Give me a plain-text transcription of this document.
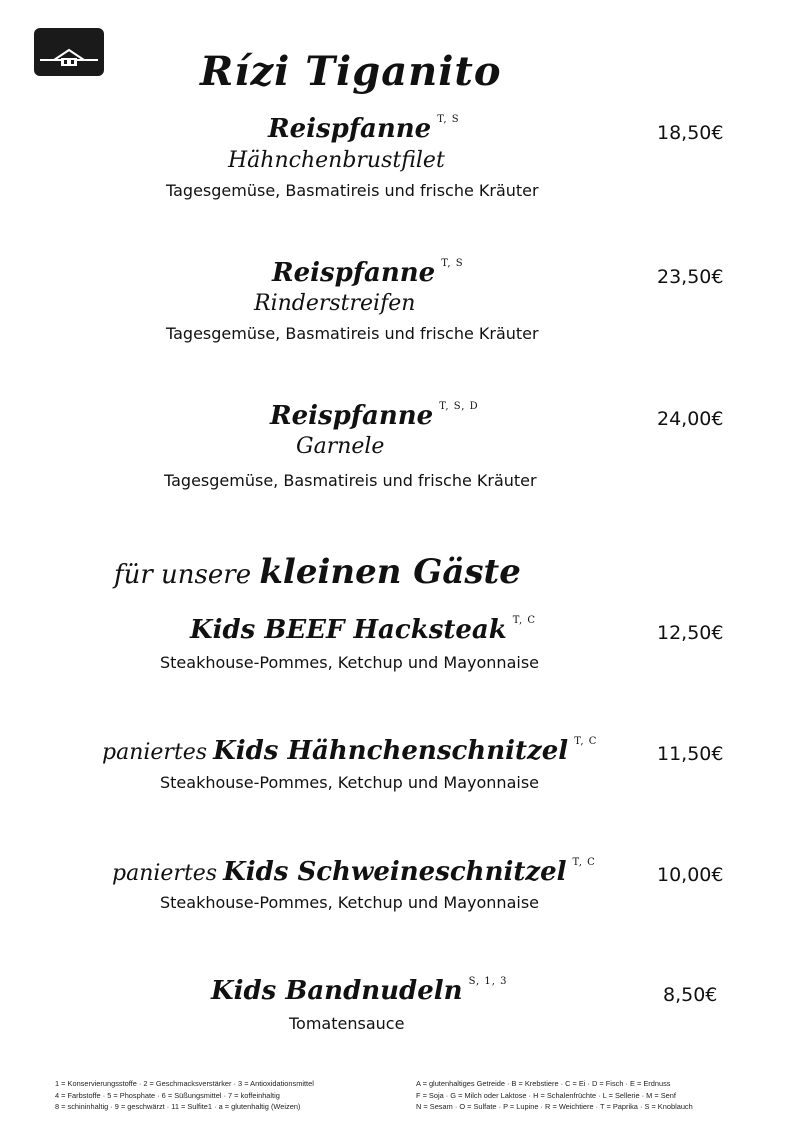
Rízi Tiganito
Reispfanne $^{T, S}$
Hähnchenbrustfilet
Tagesgemüse, Basmatireis und frische Kräuter
18,50€
Reispfanne $^{T, S}$
Rinderstreifen
Tagesgemüse, Basmatireis und frische Kräuter
23,50€
Reispfanne $^{T, S, D}$
Garnele
Tagesgemüse, Basmatireis und frische Kräuter
24,00€
für unsere kleinen Gäste
Kids BEEF Hacksteak $^{T, C}$
Steakhouse-Pommes, Ketchup und Mayonnaise
12,50€
paniertes Kids Hähnchenschnitzel $^{T, C}$
Steakhouse-Pommes, Ketchup und Mayonnaise
11,50€
paniertes Kids Schweineschnitzel $^{T, C}$
Steakhouse-Pommes, Ketchup und Mayonnaise
10,00€
Kids Bandnudeln $^{S, 1, 3}$
Tomatensauce
8,50€
1 = Konservierungsstoffe · 2 = Geschmacksverstärker · 3 = Antioxidationsmittel
4 = Farbstoffe · 5 = Phosphate · 6 = Süßungsmittel · 7 = koffeinhaltig
8 = schininhaltig · 9 = geschwärzt · 11 = Sulfite1 · a = glutenhaltig (Weizen)
A = glutenhaltiges Getreide · B = Krebstiere · C = Ei · D = Fisch · E = Erdnuss
F = Soja · G = Milch oder Laktose · H = Schalenfrüchte · L = Sellerie · M = Senf
N = Sesam · O = Sulfate · P = Lupine · R = Weichtiere · T = Paprika · S = Knoblauch
